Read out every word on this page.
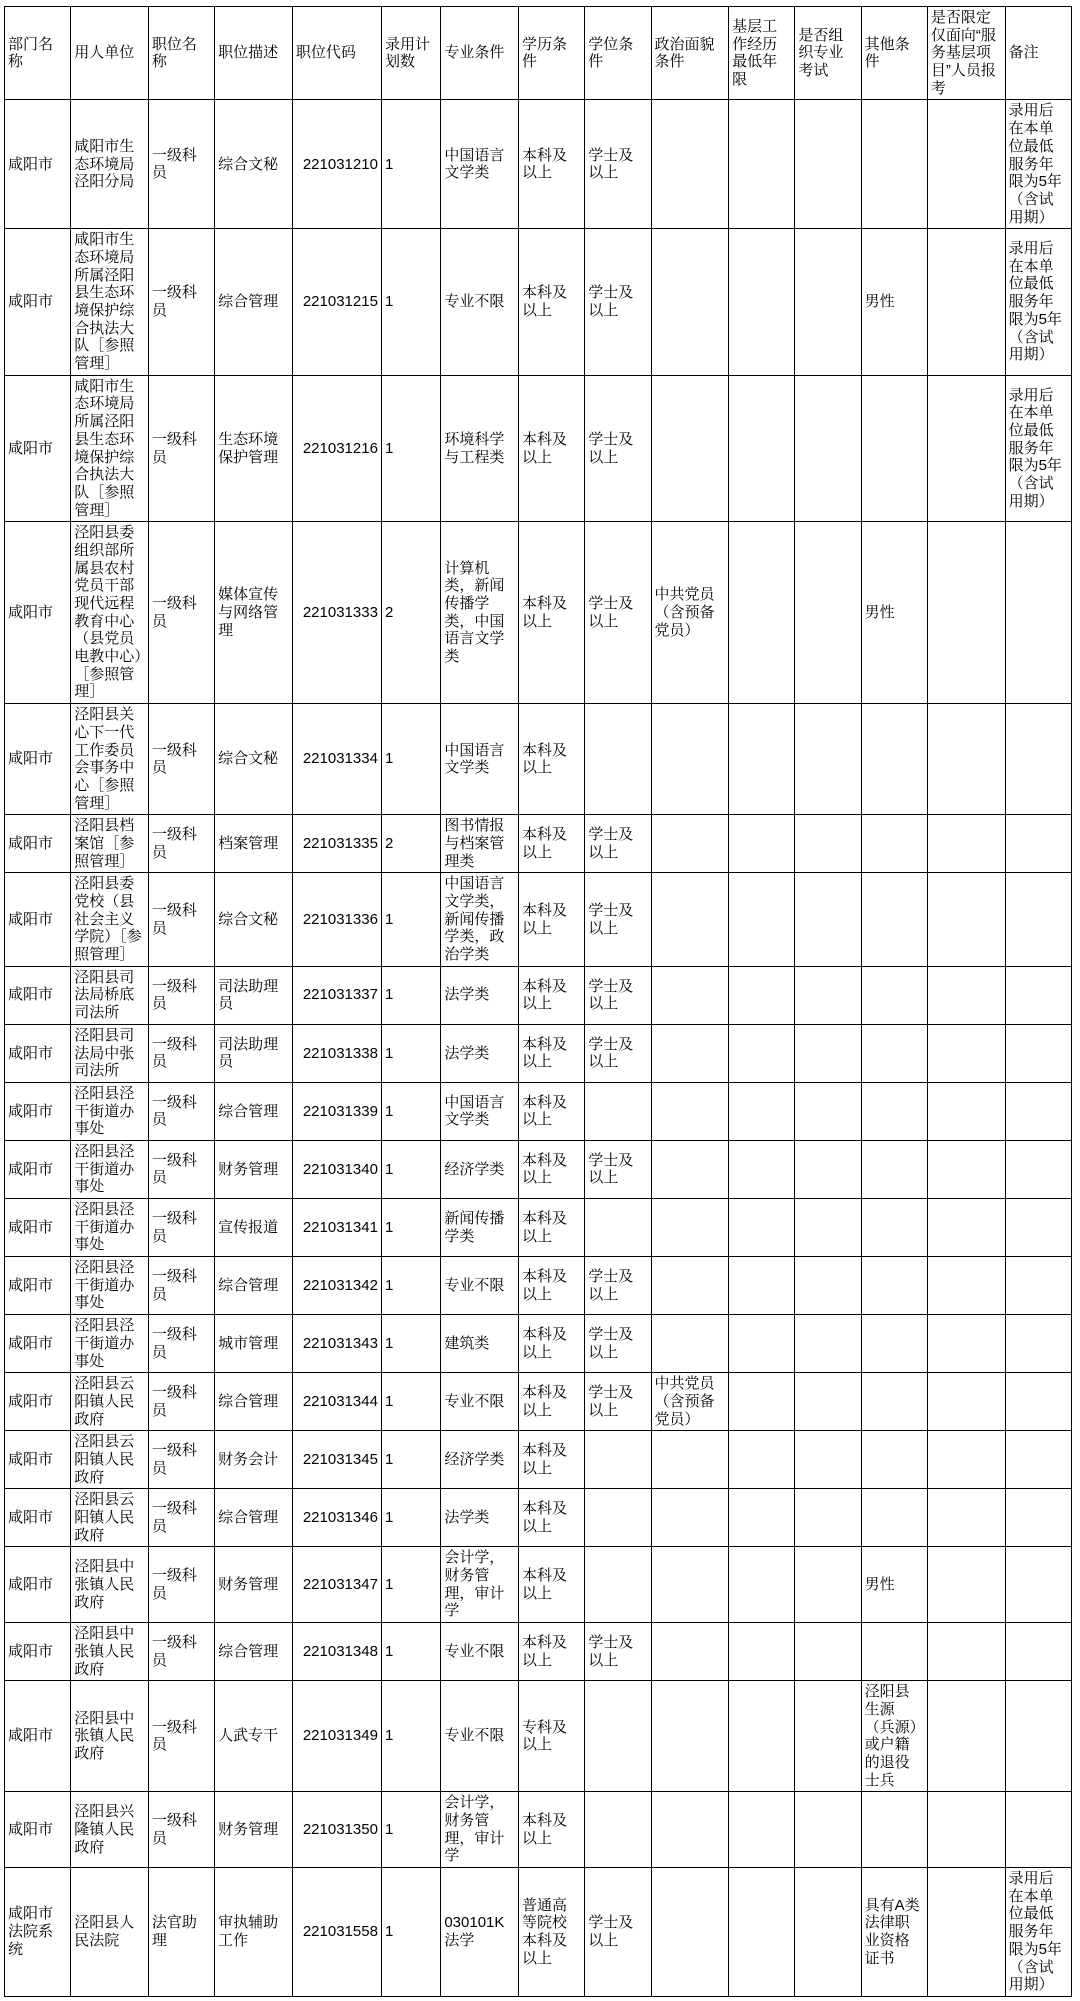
部门名称	用人单位	职位名称	职位描述	职位代码	录用计划数	专业条件	学历条件	学位条件	政治面貌条件	基层工作经历最低年限	是否组织专业考试	其他条件	是否限定仅面向“服务基层项目”人员报考	备注
咸阳市	咸阳市生态环境局泾阳分局	一级科员	综合文秘	221031210	1	中国语言文学类	本科及以上	学士及以上						录用后在本单位最低服务年限为5年（含试用期）
咸阳市	咸阳市生态环境局所属泾阳县生态环境保护综合执法大队［参照管理］	一级科员	综合管理	221031215	1	专业不限	本科及以上	学士及以上				男性		录用后在本单位最低服务年限为5年（含试用期）
咸阳市	咸阳市生态环境局所属泾阳县生态环境保护综合执法大队［参照管理］	一级科员	生态环境保护管理	221031216	1	环境科学与工程类	本科及以上	学士及以上						录用后在本单位最低服务年限为5年（含试用期）
咸阳市	泾阳县委组织部所属县农村党员干部现代远程教育中心（县党员电教中心）［参照管理］	一级科员	媒体宣传与网络管理	221031333	2	计算机类，新闻传播学类，中国语言文学类	本科及以上	学士及以上	中共党员（含预备党员）			男性		
咸阳市	泾阳县关心下一代工作委员会事务中心［参照管理］	一级科员	综合文秘	221031334	1	中国语言文学类	本科及以上							
咸阳市	泾阳县档案馆［参照管理］	一级科员	档案管理	221031335	2	图书情报与档案管理类	本科及以上	学士及以上						
咸阳市	泾阳县委党校（县社会主义学院）［参照管理］	一级科员	综合文秘	221031336	1	中国语言文学类，新闻传播学类，政治学类	本科及以上	学士及以上						
咸阳市	泾阳县司法局桥底司法所	一级科员	司法助理员	221031337	1	法学类	本科及以上	学士及以上						
咸阳市	泾阳县司法局中张司法所	一级科员	司法助理员	221031338	1	法学类	本科及以上	学士及以上						
咸阳市	泾阳县泾干街道办事处	一级科员	综合管理	221031339	1	中国语言文学类	本科及以上							
咸阳市	泾阳县泾干街道办事处	一级科员	财务管理	221031340	1	经济学类	本科及以上	学士及以上						
咸阳市	泾阳县泾干街道办事处	一级科员	宣传报道	221031341	1	新闻传播学类	本科及以上							
咸阳市	泾阳县泾干街道办事处	一级科员	综合管理	221031342	1	专业不限	本科及以上	学士及以上						
咸阳市	泾阳县泾干街道办事处	一级科员	城市管理	221031343	1	建筑类	本科及以上	学士及以上						
咸阳市	泾阳县云阳镇人民政府	一级科员	综合管理	221031344	1	专业不限	本科及以上	学士及以上	中共党员（含预备党员）					
咸阳市	泾阳县云阳镇人民政府	一级科员	财务会计	221031345	1	经济学类	本科及以上							
咸阳市	泾阳县云阳镇人民政府	一级科员	综合管理	221031346	1	法学类	本科及以上							
咸阳市	泾阳县中张镇人民政府	一级科员	财务管理	221031347	1	会计学，财务管理，审计学	本科及以上					男性		
咸阳市	泾阳县中张镇人民政府	一级科员	综合管理	221031348	1	专业不限	本科及以上	学士及以上						
咸阳市	泾阳县中张镇人民政府	一级科员	人武专干	221031349	1	专业不限	专科及以上					泾阳县生源（兵源）或户籍的退役士兵		
咸阳市	泾阳县兴隆镇人民政府	一级科员	财务管理	221031350	1	会计学，财务管理，审计学	本科及以上							
咸阳市法院系统	泾阳县人民法院	法官助理	审执辅助工作	221031558	1	030101K法学	普通高等院校本科及以上	学士及以上				具有A类法律职业资格证书		录用后在本单位最低服务年限为5年（含试用期）
